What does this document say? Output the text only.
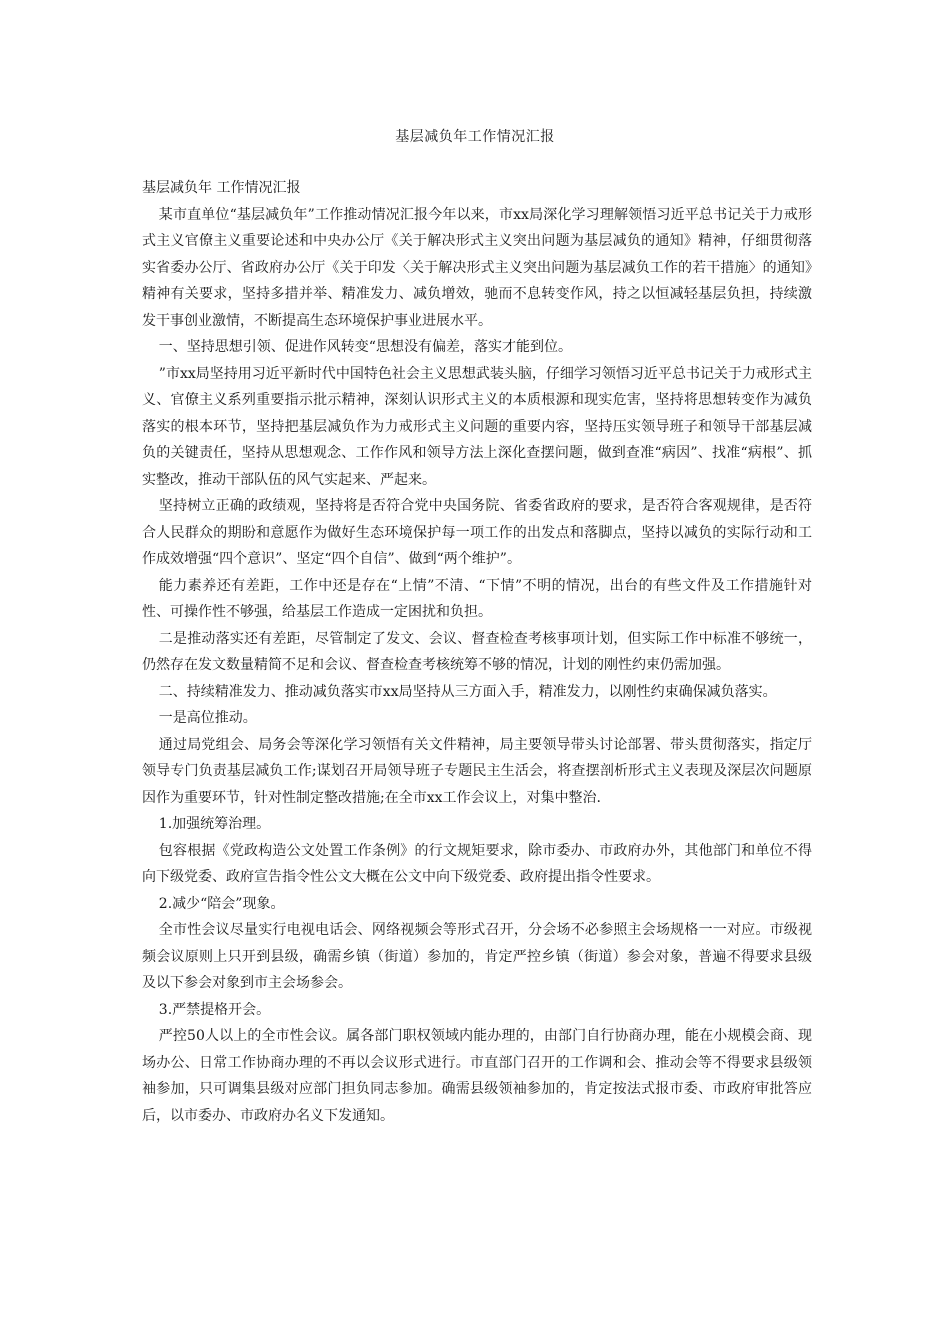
基层减负年工作情况汇报

基层减负年 工作情况汇报

某市直单位“基层减负年”工作推动情况汇报今年以来，市xx局深化学习理解领悟习近平总书记关于力戒形式主义官僚主义重要论述和中央办公厅《关于解决形式主义突出问题为基层减负的通知》精神，仔细贯彻落实省委办公厅、省政府办公厅《关于印发〈关于解决形式主义突出问题为基层减负工作的若干措施〉的通知》精神有关要求，坚持多措并举、精准发力、减负增效，驰而不息转变作风，持之以恒减轻基层负担，持续激发干事创业激情，不断提高生态环境保护事业进展水平。

一、坚持思想引领、促进作风转变“思想没有偏差，落实才能到位。

”市xx局坚持用习近平新时代中国特色社会主义思想武装头脑，仔细学习领悟习近平总书记关于力戒形式主义、官僚主义系列重要指示批示精神，深刻认识形式主义的本质根源和现实危害，坚持将思想转变作为减负落实的根本环节，坚持把基层减负作为力戒形式主义问题的重要内容，坚持压实领导班子和领导干部基层减负的关键责任，坚持从思想观念、工作作风和领导方法上深化查摆问题，做到查准“病因”、找准“病根”、抓实整改，推动干部队伍的风气实起来、严起来。

坚持树立正确的政绩观，坚持将是否符合党中央国务院、省委省政府的要求，是否符合客观规律，是否符合人民群众的期盼和意愿作为做好生态环境保护每一项工作的出发点和落脚点，坚持以减负的实际行动和工作成效增强“四个意识”、坚定“四个自信”、做到“两个维护”。

能力素养还有差距，工作中还是存在“上情”不清、“下情”不明的情况，出台的有些文件及工作措施针对性、可操作性不够强，给基层工作造成一定困扰和负担。

二是推动落实还有差距，尽管制定了发文、会议、督查检查考核事项计划，但实际工作中标准不够统一，仍然存在发文数量精简不足和会议、督查检查考核统筹不够的情况，计划的刚性约束仍需加强。

二、持续精准发力、推动减负落实市xx局坚持从三方面入手，精准发力，以刚性约束确保减负落实。

一是高位推动。

通过局党组会、局务会等深化学习领悟有关文件精神，局主要领导带头讨论部署、带头贯彻落实，指定厅领导专门负责基层减负工作;谋划召开局领导班子专题民主生活会，将查摆剖析形式主义表现及深层次问题原因作为重要环节，针对性制定整改措施;在全市xx工作会议上，对集中整治.

1.加强统筹治理。

包容根据《党政构造公文处置工作条例》的行文规矩要求，除市委办、市政府办外，其他部门和单位不得向下级党委、政府宣告指令性公文大概在公文中向下级党委、政府提出指令性要求。

2.减少“陪会”现象。

全市性会议尽量实行电视电话会、网络视频会等形式召开，分会场不必参照主会场规格一一对应。市级视频会议原则上只开到县级，确需乡镇（街道）参加的，肯定严控乡镇（街道）参会对象，普遍不得要求县级及以下参会对象到市主会场参会。

3.严禁提格开会。

严控50人以上的全市性会议。属各部门职权领域内能办理的，由部门自行协商办理，能在小规模会商、现场办公、日常工作协商办理的不再以会议形式进行。市直部门召开的工作调和会、推动会等不得要求县级领袖参加，只可调集县级对应部门担负同志参加。确需县级领袖参加的，肯定按法式报市委、市政府审批答应后，以市委办、市政府办名义下发通知。
